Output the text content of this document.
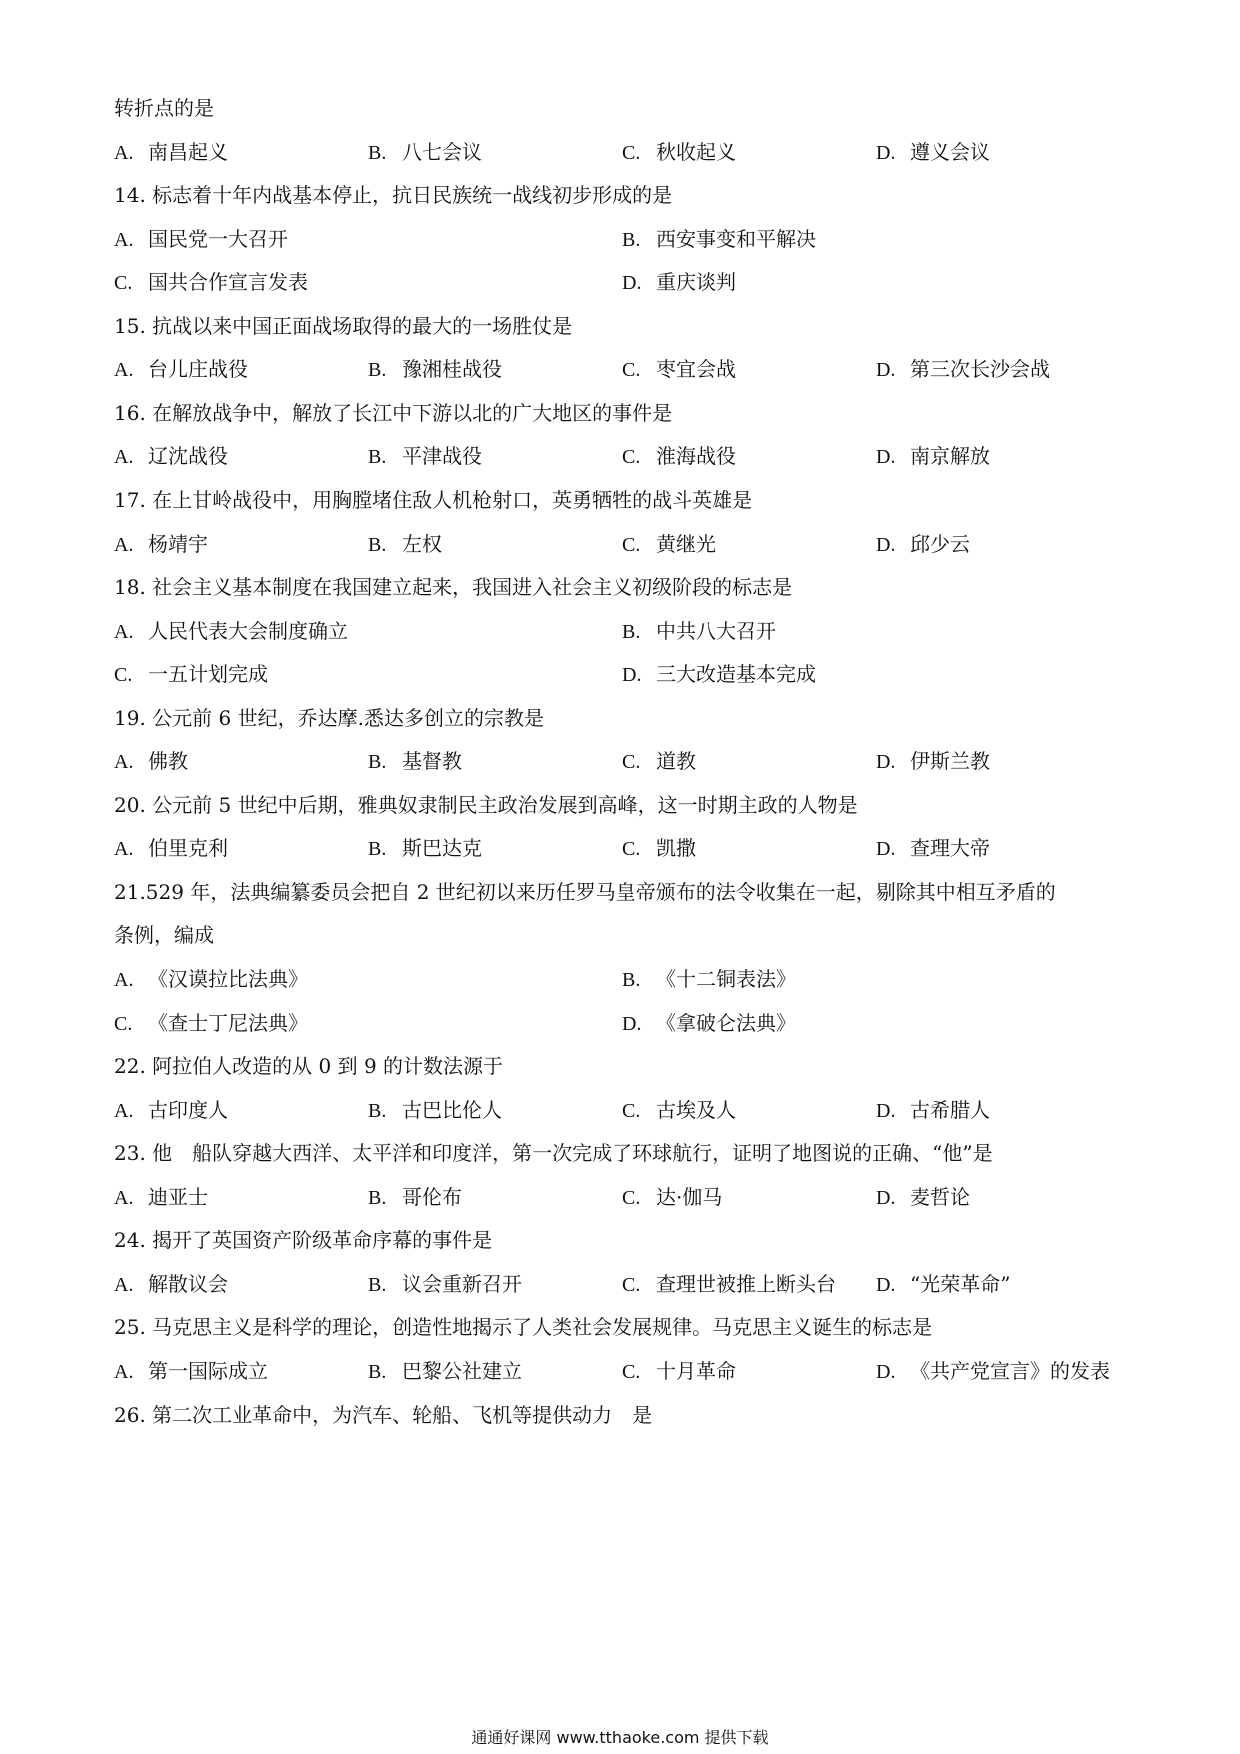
转折点的是
A. 南昌起义	B. 八七会议	C. 秋收起义	D. 遵义会议
14. 标志着十年内战基本停止，抗日民族统一战线初步形成的是
A. 国民党一大召开	B. 西安事变和平解决
C. 国共合作宣言发表	D. 重庆谈判
15. 抗战以来中国正面战场取得的最大的一场胜仗是
A. 台儿庄战役	B. 豫湘桂战役	C. 枣宜会战	D. 第三次长沙会战
16. 在解放战争中，解放了长江中下游以北的广大地区的事件是
A. 辽沈战役	B. 平津战役	C. 淮海战役	D. 南京解放
17. 在上甘岭战役中，用胸膛堵住敌人机枪射口，英勇牺牲的战斗英雄是
A. 杨靖宇	B. 左权	C. 黄继光	D. 邱少云
18. 社会主义基本制度在我国建立起来，我国进入社会主义初级阶段的标志是
A. 人民代表大会制度确立	B. 中共八大召开
C. 一五计划完成	D. 三大改造基本完成
19. 公元前 6 世纪，乔达摩.悉达多创立的宗教是
A. 佛教	B. 基督教	C. 道教	D. 伊斯兰教
20. 公元前 5 世纪中后期，雅典奴隶制民主政治发展到高峰，这一时期主政的人物是
A. 伯里克利	B. 斯巴达克	C. 凯撒	D. 查理大帝
21.529 年，法典编纂委员会把自 2 世纪初以来历任罗马皇帝颁布的法令收集在一起，剔除其中相互矛盾的
条例，编成
A. 《汉谟拉比法典》	B. 《十二铜表法》
C. 《查士丁尼法典》	D. 《拿破仑法典》
22. 阿拉伯人改造的从 0 到 9 的计数法源于
A. 古印度人	B. 古巴比伦人	C. 古埃及人	D. 古希腊人
23. 他　船队穿越大西洋、太平洋和印度洋，第一次完成了环球航行，证明了地图说的正确、“他”是
A. 迪亚士	B. 哥伦布	C. 达·伽马	D. 麦哲论
24. 揭开了英国资产阶级革命序幕的事件是
A. 解散议会	B. 议会重新召开	C. 查理世被推上断头台 D. “光荣革命”
25. 马克思主义是科学的理论，创造性地揭示了人类社会发展规律。马克思主义诞生的标志是
A. 第一国际成立	B. 巴黎公社建立	C. 十月革命	D. 《共产党宣言》的发表
26. 第二次工业革命中，为汽车、轮船、飞机等提供动力　是
通通好课网 www.tthaoke.com 提供下载
